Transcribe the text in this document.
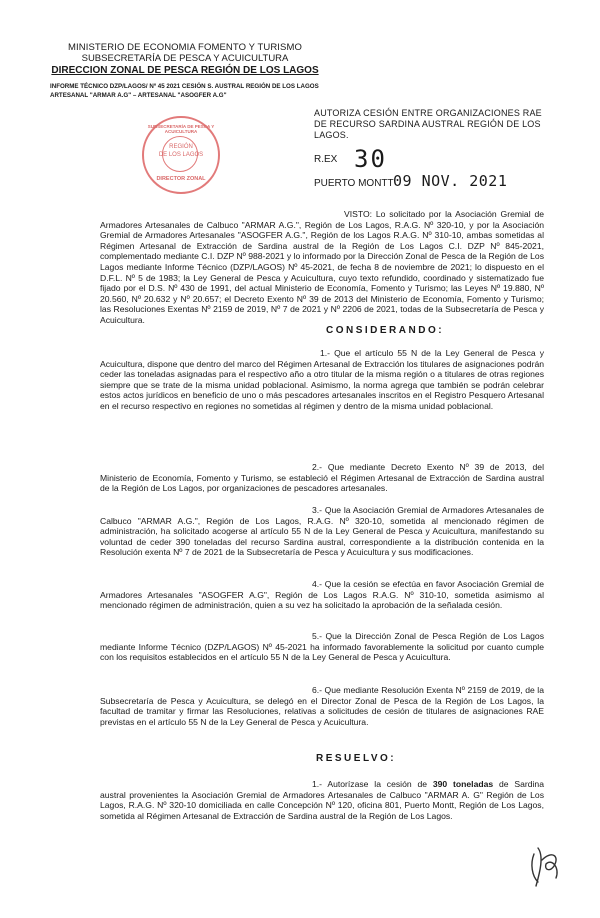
MINISTERIO DE ECONOMIA FOMENTO Y TURISMO
SUBSECRETARÍA DE PESCA Y ACUICULTURA
DIRECCION ZONAL DE PESCA REGIÓN DE LOS LAGOS
INFORME TÉCNICO DZP/LAGOS/ Nº 45 2021 CESIÓN S. AUSTRAL REGIÓN DE LOS LAGOS
ARTESANAL "ARMAR A.G" – ARTESANAL "ASOGFER A.G"
AUTORIZA CESIÓN ENTRE ORGANIZACIONES RAE DE RECURSO SARDINA AUSTRAL REGIÓN DE LOS LAGOS.
SUBSECRETARÍA DE PESCA Y ACUICULTURA
REGIÓN
DE LOS LAGOS
DIRECTOR ZONAL
R.EX 30
PUERTO MONTT 09 NOV. 2021
VISTO: Lo solicitado por la Asociación Gremial de Armadores Artesanales de Calbuco "ARMAR A.G.", Región de Los Lagos, R.A.G. Nº 320-10, y por la Asociación Gremial de Armadores Artesanales "ASOGFER A.G.", Región de los Lagos R.A.G. Nº 310-10, ambas sometidas al Régimen Artesanal de Extracción de Sardina austral de la Región de Los Lagos C.I. DZP Nº 845-2021, complementado mediante C.I. DZP Nº 988-2021 y lo informado por la Dirección Zonal de Pesca de la Región de Los Lagos mediante Informe Técnico (DZP/LAGOS) Nº 45-2021, de fecha 8 de noviembre de 2021; lo dispuesto en el D.F.L. Nº 5 de 1983; la Ley General de Pesca y Acuicultura, cuyo texto refundido, coordinado y sistematizado fue fijado por el D.S. Nº 430 de 1991, del actual Ministerio de Economía, Fomento y Turismo; las Leyes Nº 19.880, Nº 20.560, Nº 20.632 y Nº 20.657; el Decreto Exento Nº 39 de 2013 del Ministerio de Economía, Fomento y Turismo; las Resoluciones Exentas Nº 2159 de 2019, Nº 7 de 2021 y Nº 2206 de 2021, todas de la Subsecretaría de Pesca y Acuicultura.
CONSIDERANDO:
1.- Que el artículo 55 N de la Ley General de Pesca y Acuicultura, dispone que dentro del marco del Régimen Artesanal de Extracción los titulares de asignaciones podrán ceder las toneladas asignadas para el respectivo año a otro titular de la misma región o a titulares de otras regiones siempre que se trate de la misma unidad poblacional. Asimismo, la norma agrega que también se podrán celebrar estos actos jurídicos en beneficio de uno o más pescadores artesanales inscritos en el Registro Pesquero Artesanal en el recurso respectivo en regiones no sometidas al régimen y dentro de la misma unidad poblacional.
2.- Que mediante Decreto Exento Nº 39 de 2013, del Ministerio de Economía, Fomento y Turismo, se estableció el Régimen Artesanal de Extracción de Sardina austral de la Región de Los Lagos, por organizaciones de pescadores artesanales.
3.- Que la Asociación Gremial de Armadores Artesanales de Calbuco "ARMAR A.G.", Región de Los Lagos, R.A.G. Nº 320-10, sometida al mencionado régimen de administración, ha solicitado acogerse al artículo 55 N de la Ley General de Pesca y Acuicultura, manifestando su voluntad de ceder 390 toneladas del recurso Sardina austral, correspondiente a la distribución contenida en la Resolución exenta Nº 7 de 2021 de la Subsecretaría de Pesca y Acuicultura y sus modificaciones.
4.- Que la cesión se efectúa en favor Asociación Gremial de Armadores Artesanales "ASOGFER A.G", Región de Los Lagos R.A.G. Nº 310-10, sometida asimismo al mencionado régimen de administración, quien a su vez ha solicitado la aprobación de la señalada cesión.
5.- Que la Dirección Zonal de Pesca Región de Los Lagos mediante Informe Técnico (DZP/LAGOS) Nº 45-2021 ha informado favorablemente la solicitud por cuanto cumple con los requisitos establecidos en el artículo 55 N de la Ley General de Pesca y Acuicultura.
6.- Que mediante Resolución Exenta Nº 2159 de 2019, de la Subsecretaría de Pesca y Acuicultura, se delegó en el Director Zonal de Pesca de la Región de Los Lagos, la facultad de tramitar y firmar las Resoluciones, relativas a solicitudes de cesión de titulares de asignaciones RAE previstas en el artículo 55 N de la Ley General de Pesca y Acuicultura.
RESUELVO:
1.- Autorízase la cesión de 390 toneladas de Sardina austral provenientes la Asociación Gremial de Armadores Artesanales de Calbuco "ARMAR A. G" Región de Los Lagos, R.A.G. Nº 320-10 domiciliada en calle Concepción Nº 120, oficina 801, Puerto Montt, Región de Los Lagos, sometida al Régimen Artesanal de Extracción de Sardina austral de la Región de Los Lagos.
